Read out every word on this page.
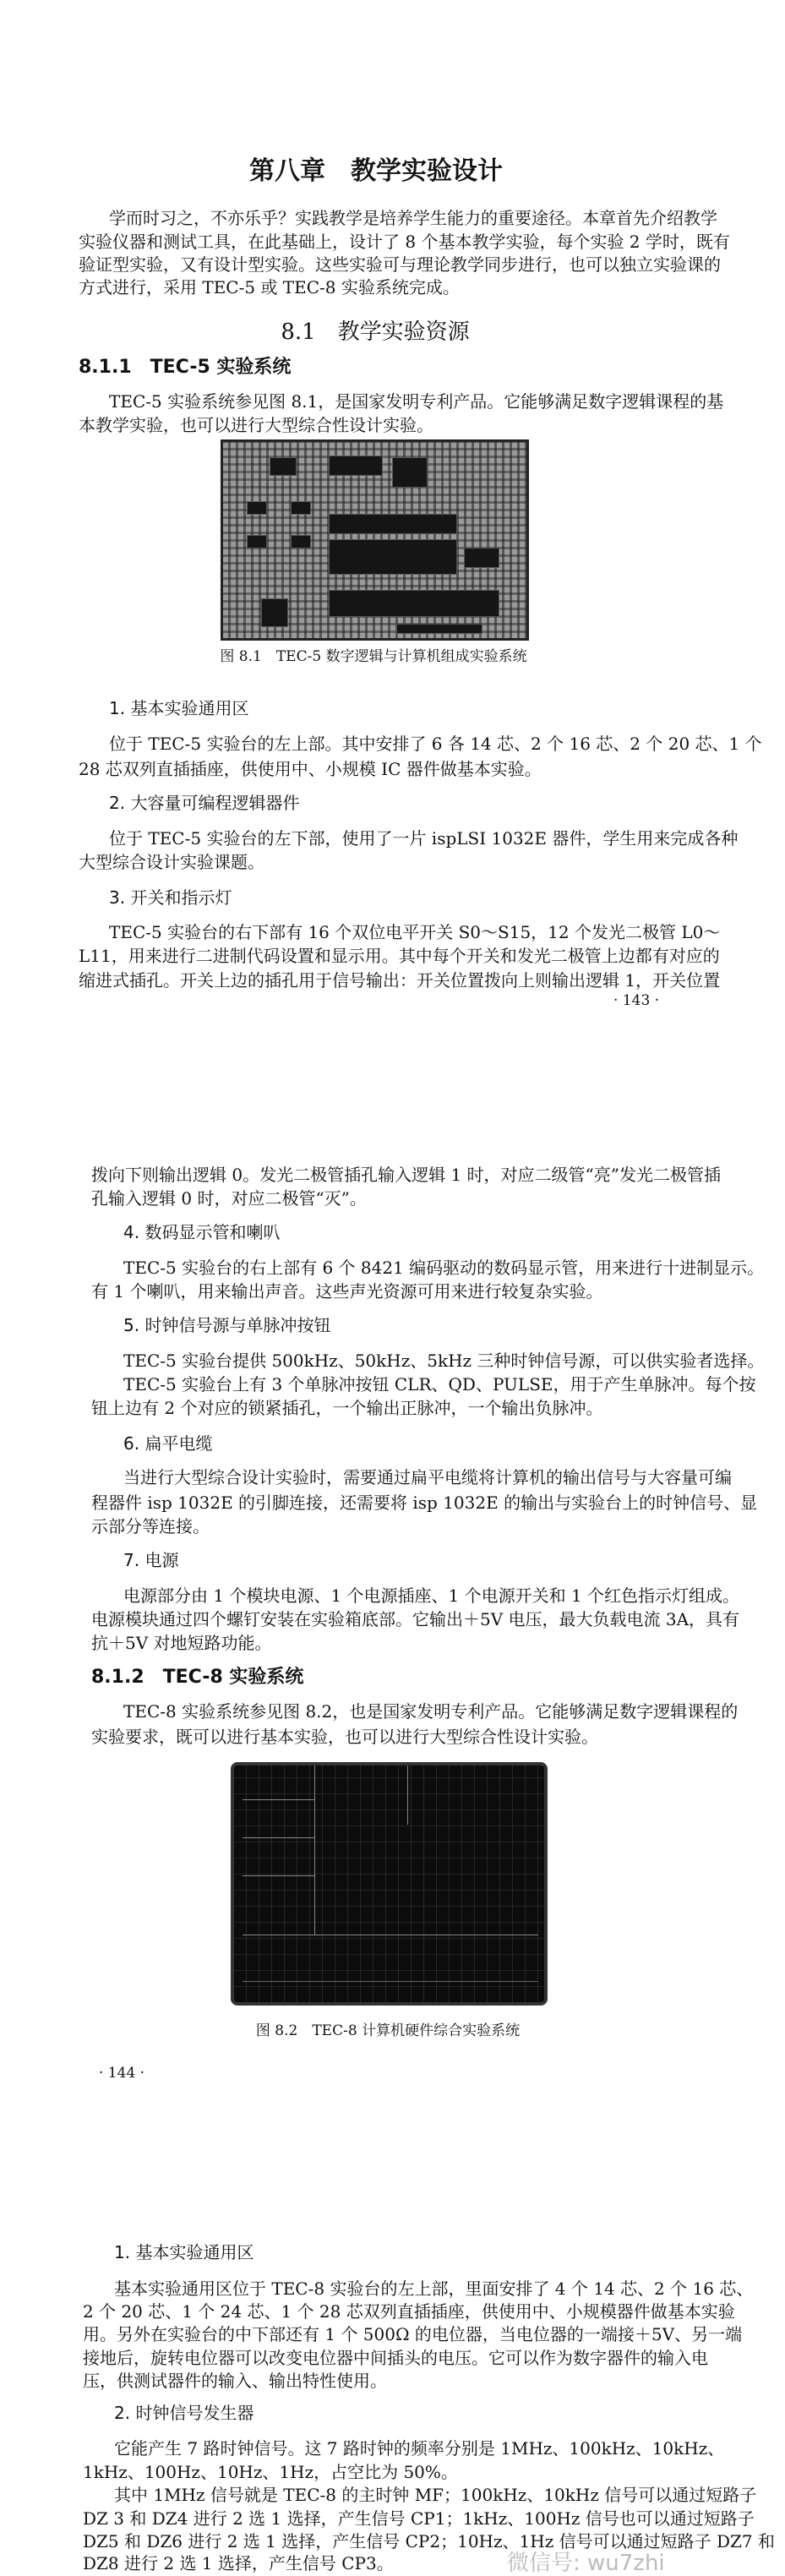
第八章　教学实验设计
学而时习之，不亦乐乎？实践教学是培养学生能力的重要途径。本章首先介绍教学
实验仪器和测试工具，在此基础上，设计了 8 个基本教学实验，每个实验 2 学时，既有
验证型实验，又有设计型实验。这些实验可与理论教学同步进行，也可以独立实验课的
方式进行，采用 TEC-5 或 TEC-8 实验系统完成。
8.1　教学实验资源
8.1.1　TEC-5 实验系统
TEC-5 实验系统参见图 8.1，是国家发明专利产品。它能够满足数字逻辑课程的基
本教学实验，也可以进行大型综合性设计实验。
图 8.1　TEC-5 数字逻辑与计算机组成实验系统
1. 基本实验通用区
位于 TEC-5 实验台的左上部。其中安排了 6 各 14 芯、2 个 16 芯、2 个 20 芯、1 个
28 芯双列直插插座，供使用中、小规模 IC 器件做基本实验。
2. 大容量可编程逻辑器件
位于 TEC-5 实验台的左下部，使用了一片 ispLSI 1032E 器件，学生用来完成各种
大型综合设计实验课题。
3. 开关和指示灯
TEC-5 实验台的右下部有 16 个双位电平开关 S0～S15，12 个发光二极管 L0～
L11，用来进行二进制代码设置和显示用。其中每个开关和发光二极管上边都有对应的
缩进式插孔。开关上边的插孔用于信号输出：开关位置拨向上则输出逻辑 1，开关位置
· 143 ·
拨向下则输出逻辑 0。发光二极管插孔输入逻辑 1 时，对应二级管“亮”发光二极管插
孔输入逻辑 0 时，对应二极管“灭”。
4. 数码显示管和喇叭
TEC-5 实验台的右上部有 6 个 8421 编码驱动的数码显示管，用来进行十进制显示。
有 1 个喇叭，用来输出声音。这些声光资源可用来进行较复杂实验。
5. 时钟信号源与单脉冲按钮
TEC-5 实验台提供 500kHz、50kHz、5kHz 三种时钟信号源，可以供实验者选择。
TEC-5 实验台上有 3 个单脉冲按钮 CLR、QD、PULSE，用于产生单脉冲。每个按
钮上边有 2 个对应的锁紧插孔，一个输出正脉冲，一个输出负脉冲。
6. 扁平电缆
当进行大型综合设计实验时，需要通过扁平电缆将计算机的输出信号与大容量可编
程器件 isp 1032E 的引脚连接，还需要将 isp 1032E 的输出与实验台上的时钟信号、显
示部分等连接。
7. 电源
电源部分由 1 个模块电源、1 个电源插座、1 个电源开关和 1 个红色指示灯组成。
电源模块通过四个螺钉安装在实验箱底部。它输出＋5V 电压，最大负载电流 3A，具有
抗＋5V 对地短路功能。
8.1.2　TEC-8 实验系统
TEC-8 实验系统参见图 8.2，也是国家发明专利产品。它能够满足数字逻辑课程的
实验要求，既可以进行基本实验，也可以进行大型综合性设计实验。
图 8.2　TEC-8 计算机硬件综合实验系统
· 144 ·
1. 基本实验通用区
基本实验通用区位于 TEC-8 实验台的左上部，里面安排了 4 个 14 芯、2 个 16 芯、
2 个 20 芯、1 个 24 芯、1 个 28 芯双列直插插座，供使用中、小规模器件做基本实验
用。另外在实验台的中下部还有 1 个 500Ω 的电位器，当电位器的一端接＋5V、另一端
接地后，旋转电位器可以改变电位器中间插头的电压。它可以作为数字器件的输入电
压，供测试器件的输入、输出特性使用。
2. 时钟信号发生器
它能产生 7 路时钟信号。这 7 路时钟的频率分别是 1MHz、100kHz、10kHz、
1kHz、100Hz、10Hz、1Hz，占空比为 50%。
其中 1MHz 信号就是 TEC-8 的主时钟 MF；100kHz、10kHz 信号可以通过短路子
DZ 3 和 DZ4 进行 2 选 1 选择，产生信号 CP1；1kHz、100Hz 信号也可以通过短路子
DZ5 和 DZ6 进行 2 选 1 选择，产生信号 CP2；10Hz、1Hz 信号可以通过短路子 DZ7 和
DZ8 进行 2 选 1 选择，产生信号 CP3。	微信号: wu7zhi
